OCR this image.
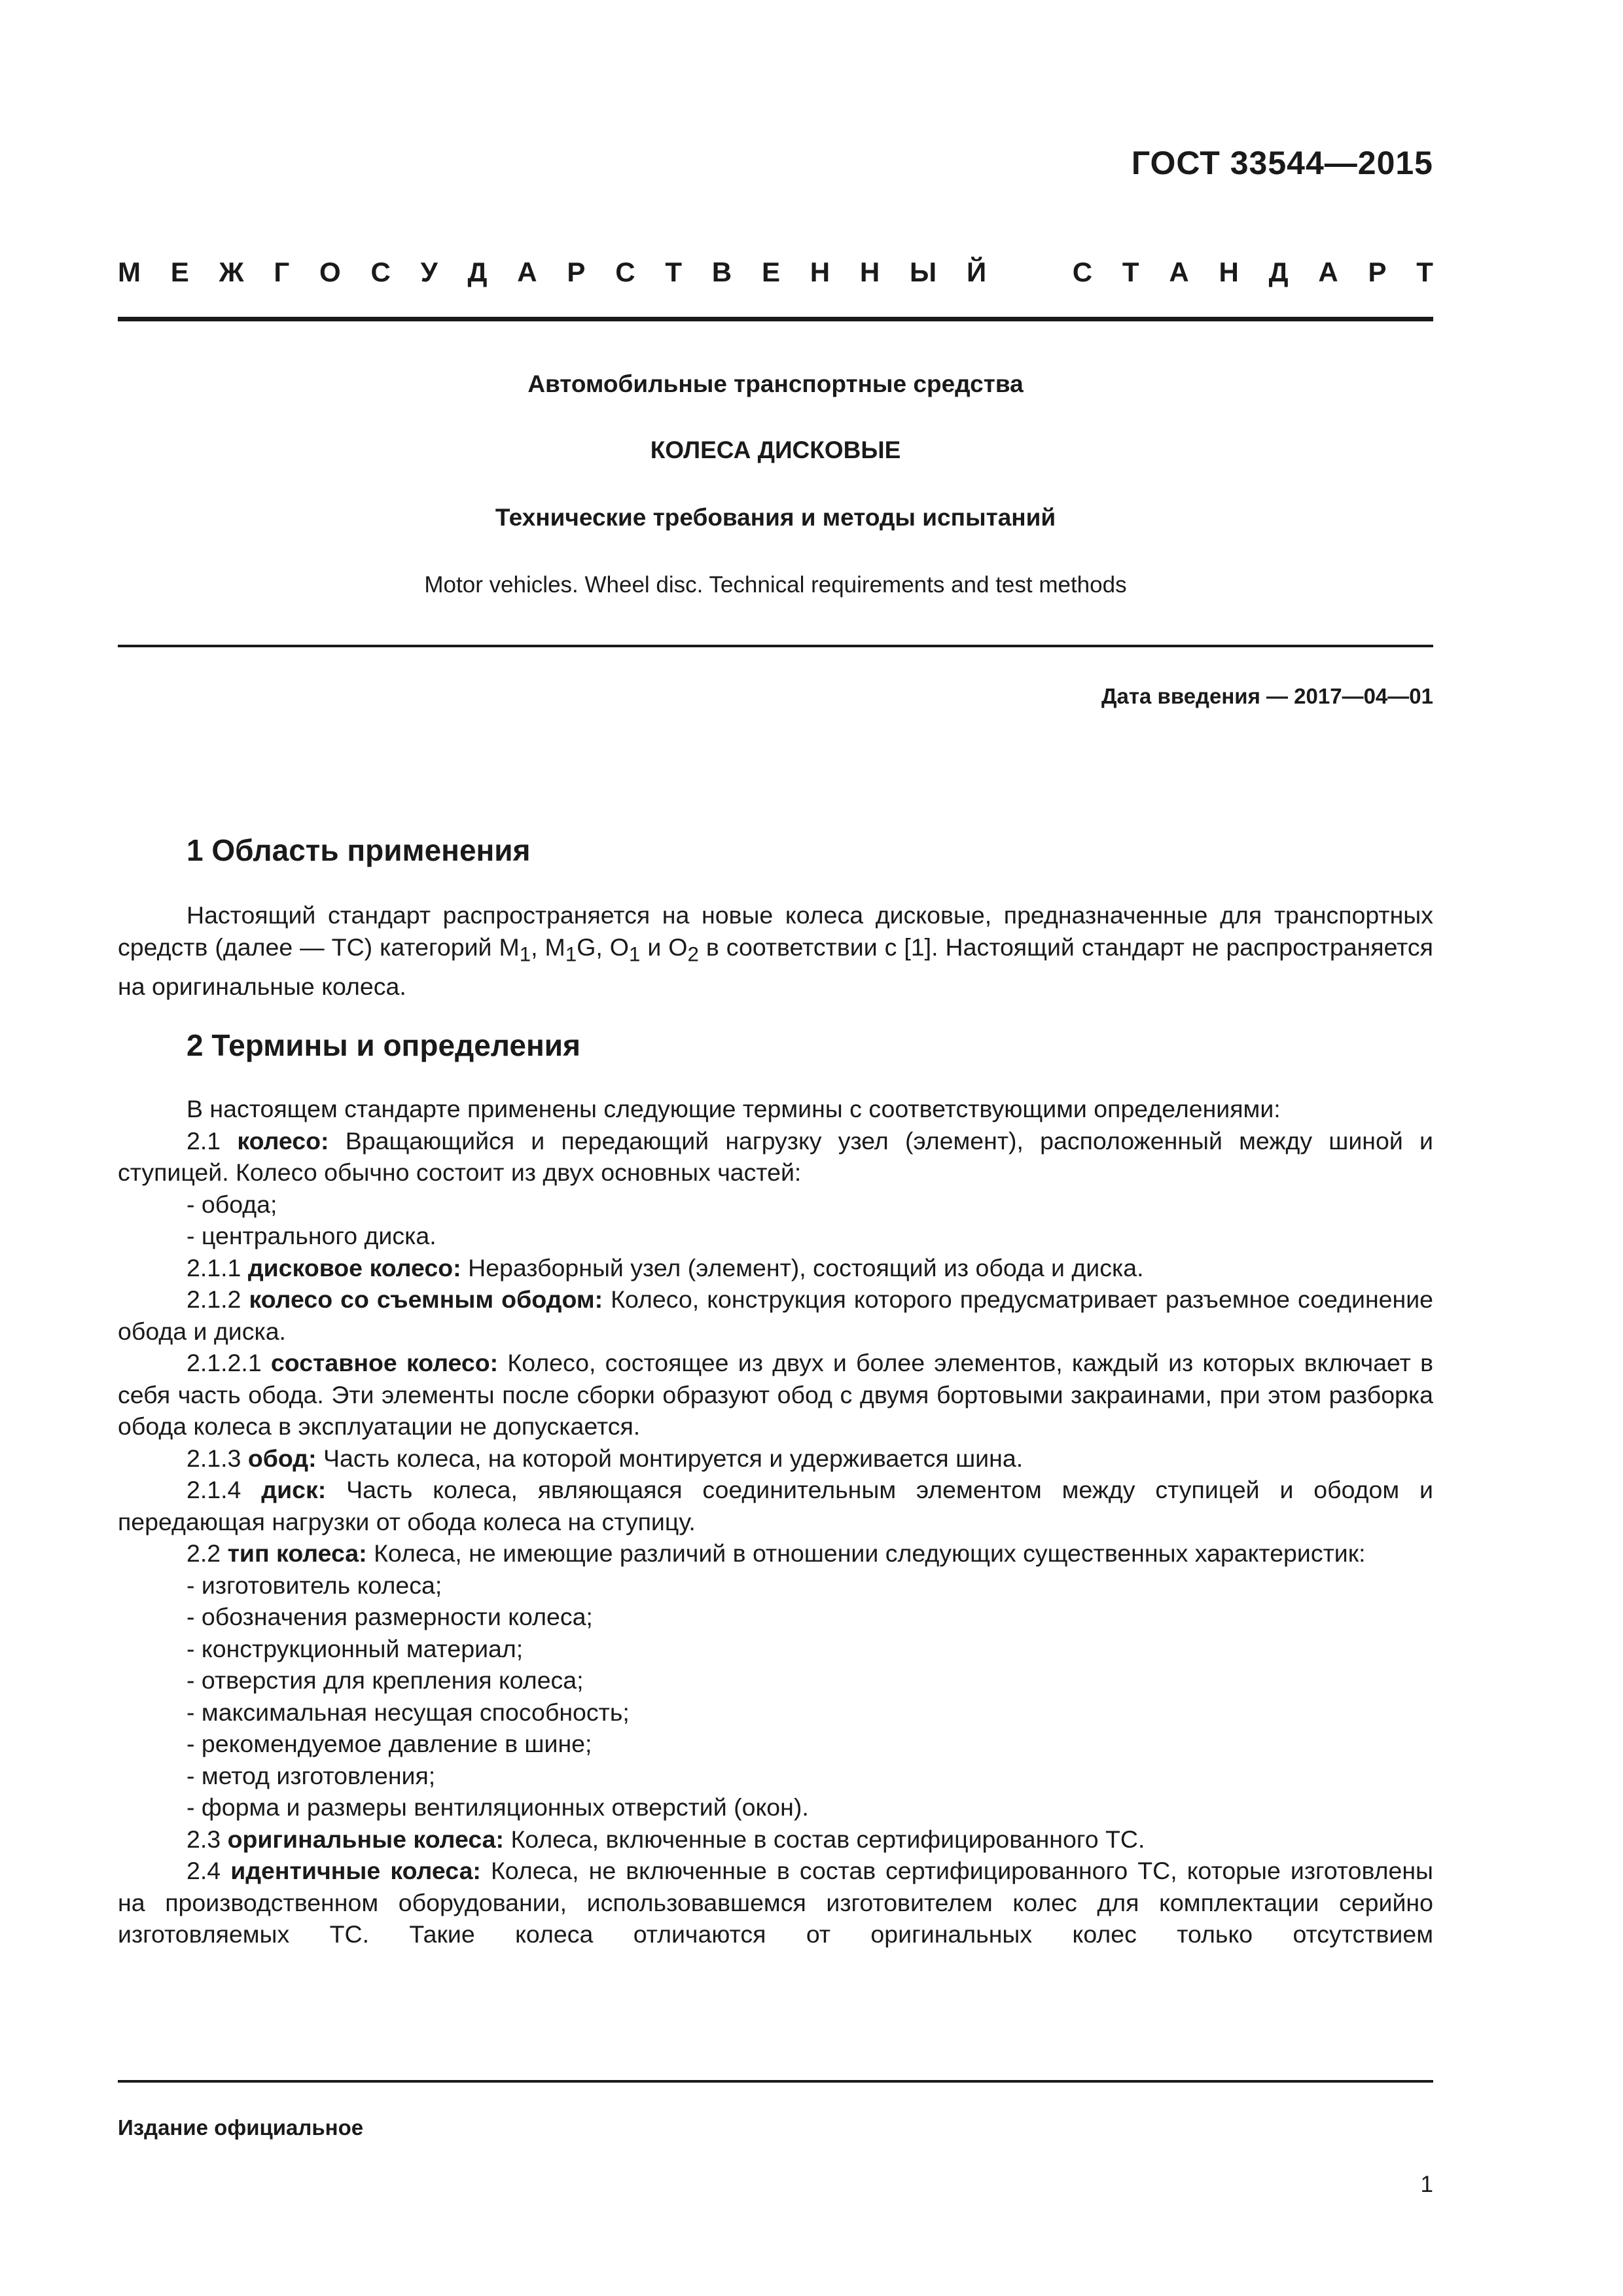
ГОСТ 33544—2015
М Е Ж Г О С У Д А Р С Т В Е Н Н Ы Й	С Т А Н Д А Р Т
Автомобильные транспортные средства
КОЛЕСА ДИСКОВЫЕ
Технические требования и методы испытаний
Motor vehicles. Wheel disc. Technical requirements and test methods
Дата введения — 2017—04—01
1 Область применения

Настоящий стандарт распространяется на новые колеса дисковые, предназначенные для транспортных средств (далее — ТС) категорий $М_1$, $М_1G$, $О_1$ и $О_2$ в соответствии с [1]. Настоящий стандарт не распространяется на оригинальные колеса.

2 Термины и определения

В настоящем стандарте применены следующие термины с соответствующими определениями:

2.1 колесо: Вращающийся и передающий нагрузку узел (элемент), расположенный между шиной и ступицей. Колесо обычно состоит из двух основных частей:

- обода;

- центрального диска.

2.1.1 дисковое колесо: Неразборный узел (элемент), состоящий из обода и диска.

2.1.2 колесо со съемным ободом: Колесо, конструкция которого предусматривает разъемное соединение обода и диска.

2.1.2.1 составное колесо: Колесо, состоящее из двух и более элементов, каждый из которых включает в себя часть обода. Эти элементы после сборки образуют обод с двумя бортовыми закраинами, при этом разборка обода колеса в эксплуатации не допускается.

2.1.3 обод: Часть колеса, на которой монтируется и удерживается шина.

2.1.4 диск: Часть колеса, являющаяся соединительным элементом между ступицей и ободом и передающая нагрузки от обода колеса на ступицу.

2.2 тип колеса: Колеса, не имеющие различий в отношении следующих существенных характеристик:

- изготовитель колеса;

- обозначения размерности колеса;

- конструкционный материал;

- отверстия для крепления колеса;

- максимальная несущая способность;

- рекомендуемое давление в шине;

- метод изготовления;

- форма и размеры вентиляционных отверстий (окон).

2.3 оригинальные колеса: Колеса, включенные в состав сертифицированного ТС.

2.4 идентичные колеса: Колеса, не включенные в состав сертифицированного ТС, которые изготовлены на производственном оборудовании, использовавшемся изготовителем колес для комплектации серийно изготовляемых ТС. Такие колеса отличаются от оригинальных колес только отсутствием

Издание официальное
1
